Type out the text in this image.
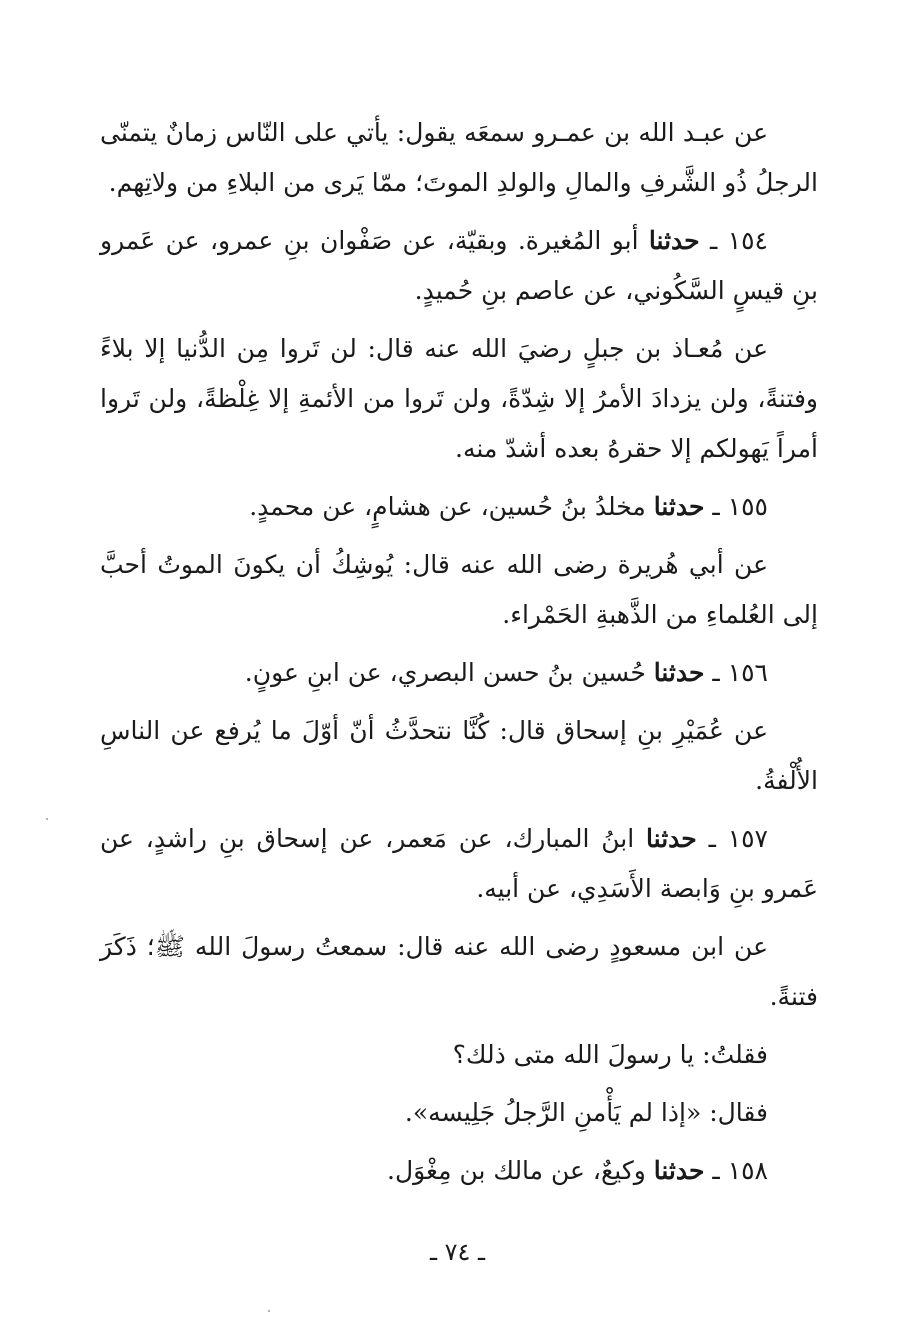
عن عبـد الله بن عمـرو سمعَه يقول: يأتي على النّاس زمانٌ يتمنّى الرجلُ ذُو الشَّرفِ والمالِ والولدِ الموتَ؛ ممّا يَرى من البلاءِ من ولاتِهم.

١٥٤ ـ حدثنا أبو المُغيرة. وبقيّة، عن صَفْوان بنِ عمرو، عن عَمرو بنِ قيسٍ السَّكُوني، عن عاصم بنِ حُميدٍ.

عن مُعـاذ بن جبلٍ رضيَ الله عنه قال: لن تَروا مِن الدُّنيا إلا بلاءً وفتنةً، ولن يزدادَ الأمرُ إلا شِدّةً، ولن تَروا من الأئمةِ إلا غِلْظةً، ولن تَروا أمراً يَهولكم إلا حقرهُ بعده أشدّ منه.

١٥٥ ـ حدثنا مخلدُ بنُ حُسين، عن هشامٍ، عن محمدٍ.

عن أبي هُريرة رضى الله عنه قال: يُوشِكُ أن يكونَ الموتُ أحبَّ إلى العُلماءِ من الذَّهبةِ الحَمْراء.

١٥٦ ـ حدثنا حُسين بنُ حسن البصري، عن ابنِ عونٍ.

عن عُمَيْرِ بنِ إسحاق قال: كُنَّا نتحدَّثُ أنّ أوّلَ ما يُرفع عن الناسِ الأُلْفةُ.

١٥٧ ـ حدثنا ابنُ المبارك، عن مَعمر، عن إسحاق بنِ راشدٍ، عن عَمرو بنِ وَابصة الأَسَدِي، عن أبيه.

عن ابن مسعودٍ رضى الله عنه قال: سمعتُ رسولَ الله ﷺ؛ ذَكَرَ فتنةً.

فقلتُ: يا رسولَ الله متى ذلك؟

فقال: «إذا لم يَأْمنِ الرَّجلُ جَلِيسه».

١٥٨ ـ حدثنا وكيعٌ، عن مالك بن مِغْوَل.

ـ ٧٤ ـ
